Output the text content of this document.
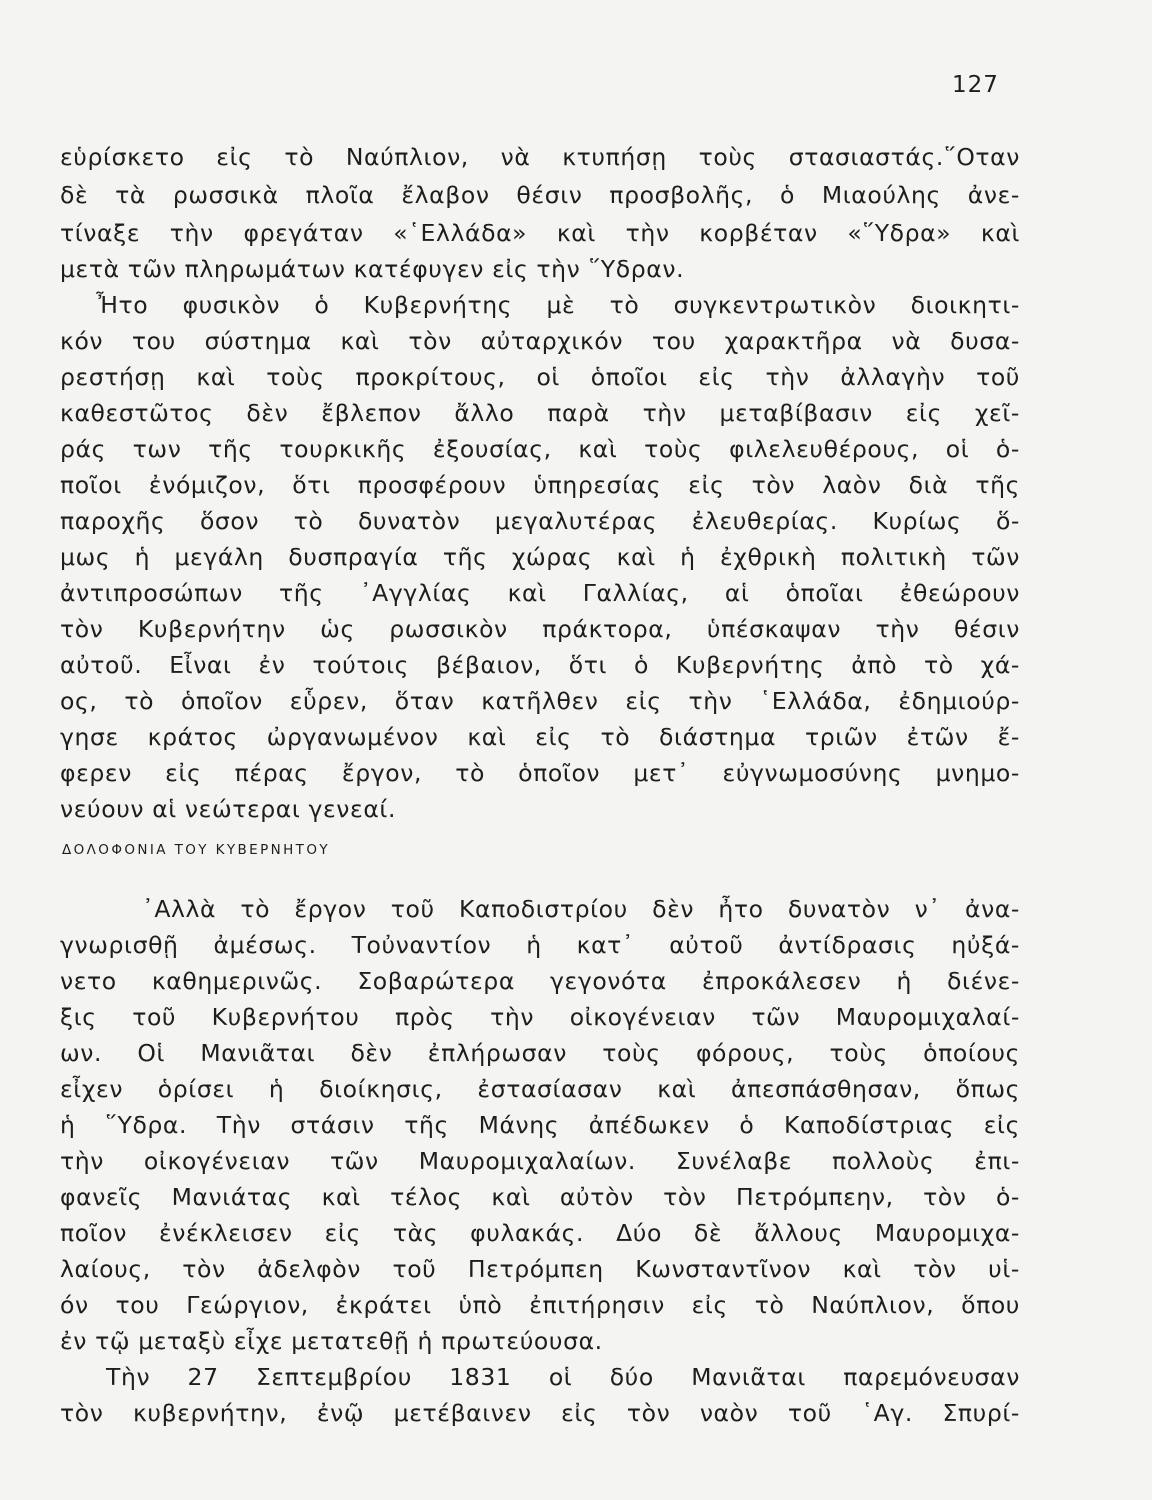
127
εὑρίσκετο εἰς τὸ Ναύπλιον, νὰ κτυπήσῃ τοὺς στασιαστάς.῞Οταν
δὲ τὰ ρωσσικὰ πλοῖα ἔλαβον θέσιν προσβολῆς, ὁ Μιαούλης ἀνε-
τίναξε τὴν φρεγάταν «῾Ελλάδα» καὶ τὴν κορβέταν «῞Υδρα» καὶ
μετὰ τῶν πληρωμάτων κατέφυγεν εἰς τὴν ῞Υδραν.
Ἦτο φυσικὸν ὁ Κυβερνήτης μὲ τὸ συγκεντρωτικὸν διοικητι-
κόν του σύστημα καὶ τὸν αὐταρχικόν του χαρακτῆρα νὰ δυσα-
ρεστήσῃ καὶ τοὺς προκρίτους, οἱ ὁποῖοι εἰς τὴν ἀλλαγὴν τοῦ
καθεστῶτος δὲν ἔβλεπον ἄλλο παρὰ τὴν μεταβίβασιν εἰς χεῖ-
ράς των τῆς τουρκικῆς ἐξουσίας, καὶ τοὺς φιλελευθέρους, οἱ ὁ-
ποῖοι ἐνόμιζον, ὅτι προσφέρουν ὑπηρεσίας εἰς τὸν λαὸν διὰ τῆς
παροχῆς ὅσον τὸ δυνατὸν μεγαλυτέρας ἐλευθερίας. Κυρίως ὅ-
μως ἡ μεγάλη δυσπραγία τῆς χώρας καὶ ἡ ἐχθρικὴ πολιτικὴ τῶν
ἀντιπροσώπων τῆς ᾿Αγγλίας καὶ Γαλλίας, αἱ ὁποῖαι ἐθεώρουν
τὸν Κυβερνήτην ὡς ρωσσικὸν πράκτορα, ὑπέσκαψαν τὴν θέσιν
αὐτοῦ. Εἶναι ἐν τούτοις βέβαιον, ὅτι ὁ Κυβερνήτης ἀπὸ τὸ χά-
ος, τὸ ὁποῖον εὗρεν, ὅταν κατῆλθεν εἰς τὴν ῾Ελλάδα, ἐδημιούρ-
γησε κράτος ὠργανωμένον καὶ εἰς τὸ διάστημα τριῶν ἐτῶν ἔ-
φερεν εἰς πέρας ἔργον, τὸ ὁποῖον μετ᾿ εὐγνωμοσύνης μνημο-
νεύουν αἱ νεώτεραι γενεαί.
ΔΟΛΟΦΟΝΙΑ ΤΟΥ ΚΥΒΕΡΝΗΤΟΥ
᾿Αλλὰ τὸ ἔργον τοῦ Καποδιστρίου δὲν ἦτο δυνατὸν ν᾿ ἀνα-
γνωρισθῇ ἀμέσως. Τοὐναντίον ἡ κατ᾿ αὐτοῦ ἀντίδρασις ηὐξά-
νετο καθημερινῶς. Σοβαρώτερα γεγονότα ἐπροκάλεσεν ἡ διένε-
ξις τοῦ Κυβερνήτου πρὸς τὴν οἰκογένειαν τῶν Μαυρομιχαλαί-
ων. Οἱ Μανιᾶται δὲν ἐπλήρωσαν τοὺς φόρους, τοὺς ὁποίους
εἶχεν ὁρίσει ἡ διοίκησις, ἐστασίασαν καὶ ἀπεσπάσθησαν, ὅπως
ἡ ῞Υδρα. Τὴν στάσιν τῆς Μάνης ἀπέδωκεν ὁ Καποδίστριας εἰς
τὴν οἰκογένειαν τῶν Μαυρομιχαλαίων. Συνέλαβε πολλοὺς ἐπι-
φανεῖς Μανιάτας καὶ τέλος καὶ αὐτὸν τὸν Πετρόμπεην, τὸν ὁ-
ποῖον ἐνέκλεισεν εἰς τὰς φυλακάς. Δύο δὲ ἄλλους Μαυρομιχα-
λαίους, τὸν ἀδελφὸν τοῦ Πετρόμπεη Κωνσταντῖνον καὶ τὸν υἱ-
όν του Γεώργιον, ἐκράτει ὑπὸ ἐπιτήρησιν εἰς τὸ Ναύπλιον, ὅπου
ἐν τῷ μεταξὺ εἶχε μετατεθῇ ἡ πρωτεύουσα.
Τὴν 27 Σεπτεμβρίου 1831 οἱ δύο Μανιᾶται παρεμόνευσαν
τὸν κυβερνήτην, ἐνῷ μετέβαινεν εἰς τὸν ναὸν τοῦ ῾Αγ. Σπυρί-
